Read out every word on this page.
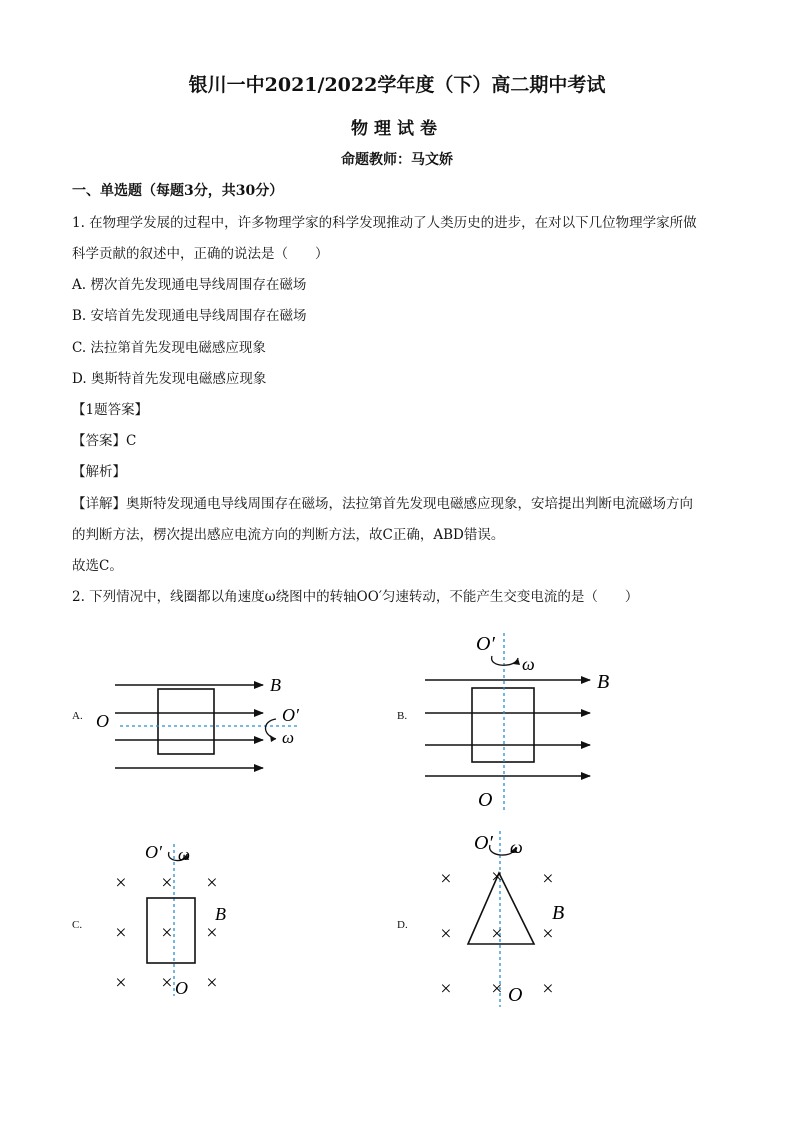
银川一中2021/2022学年度（下）高二期中考试
物理试卷
命题教师：马文娇
一、单选题（每题3分，共30分）
1. 在物理学发展的过程中，许多物理学家的科学发现推动了人类历史的进步，在对以下几位物理学家所做
科学贡献的叙述中，正确的说法是（　　）
A. 楞次首先发现通电导线周围存在磁场
B. 安培首先发现通电导线周围存在磁场
C. 法拉第首先发现电磁感应现象
D. 奥斯特首先发现电磁感应现象
【1题答案】
【答案】C
【解析】
【详解】奥斯特发现通电导线周围存在磁场，法拉第首先发现电磁感应现象，安培提出判断电流磁场方向
的判断方法，楞次提出感应电流方向的判断方法，故C正确，ABD错误。
故选C。
2. 下列情况中，线圈都以角速度ω绕图中的转轴OO′匀速转动，不能产生交变电流的是（　　）
A.	B.
C.	D.
B
O	O′
ω
O′
ω
B
O
× × ×
× × ×
× × ×
O′ ω
B
O
× × ×
× × ×
× × ×
O′ ω
B
O
